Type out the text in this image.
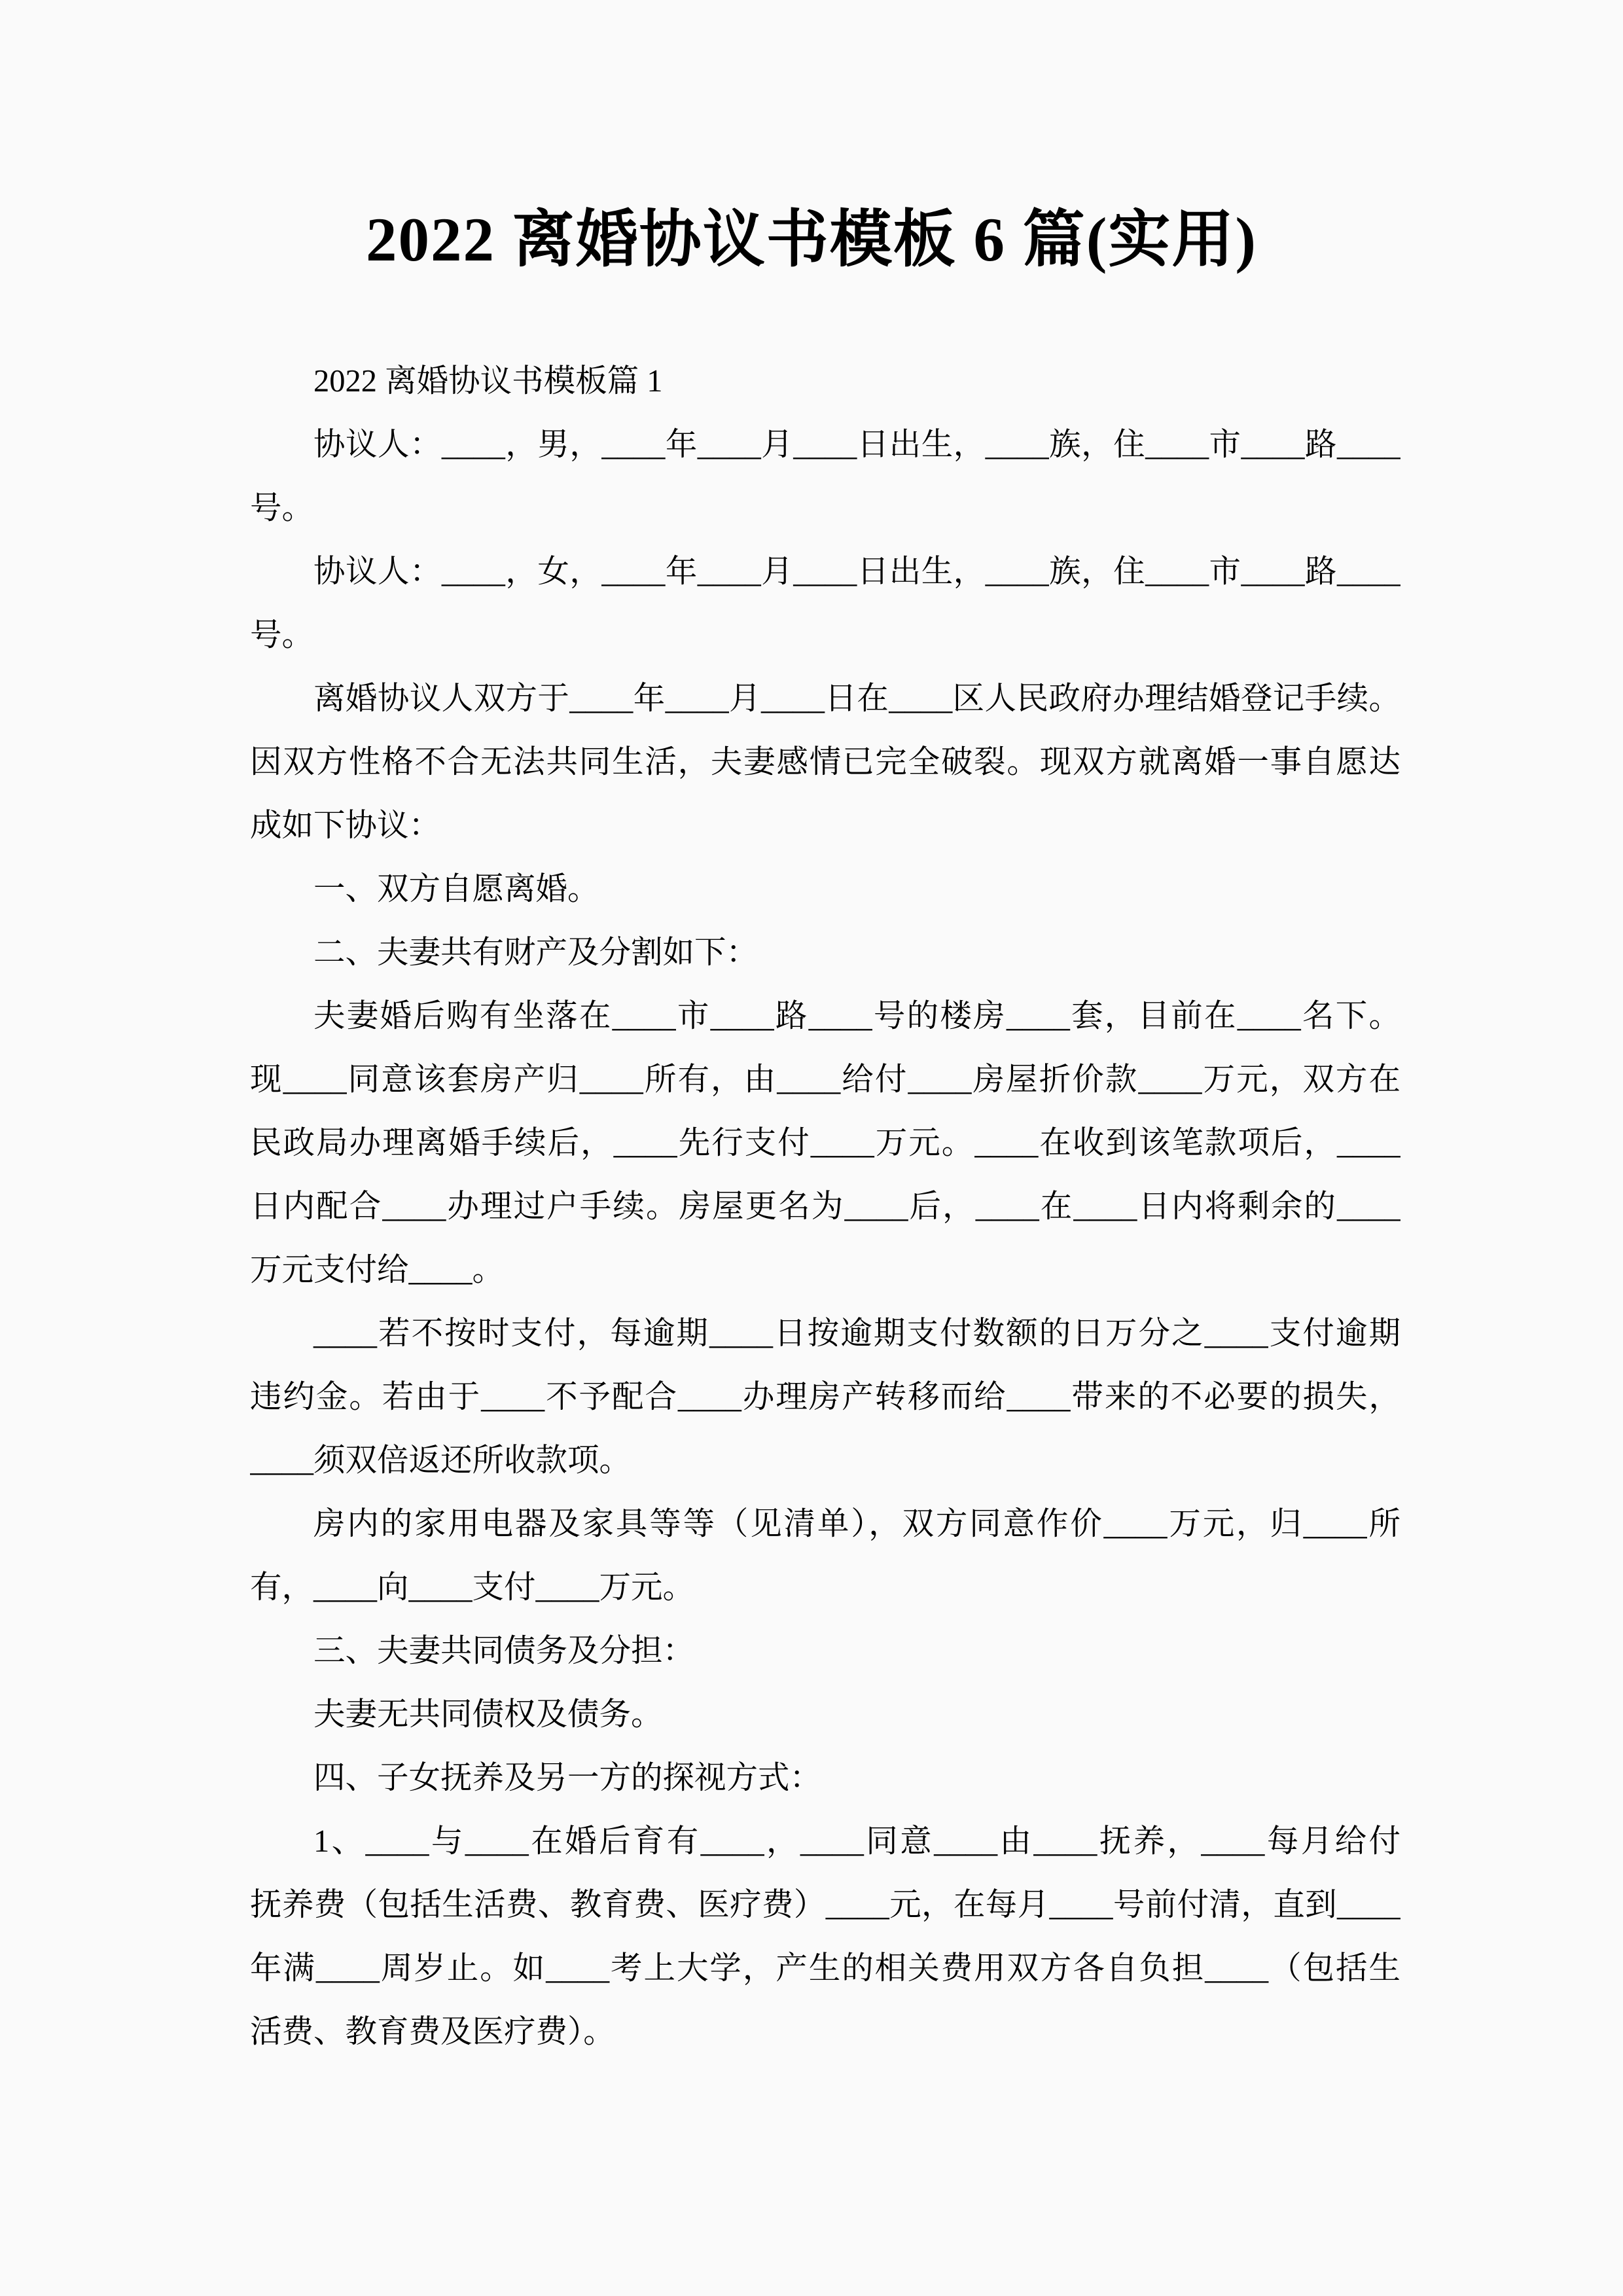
2022 离婚协议书模板 6 篇(实用)
2022 离婚协议书模板篇 1
协议人：____，男，____年____月____日出生，____族，住____市____路____
号。
协议人：____，女，____年____月____日出生，____族，住____市____路____
号。
离婚协议人双方于____年____月____日在____区人民政府办理结婚登记手续。
因双方性格不合无法共同生活，夫妻感情已完全破裂。现双方就离婚一事自愿达
成如下协议：
一、双方自愿离婚。
二、夫妻共有财产及分割如下：
夫妻婚后购有坐落在____市____路____号的楼房____套，目前在____名下。
现____同意该套房产归____所有，由____给付____房屋折价款____万元，双方在
民政局办理离婚手续后，____先行支付____万元。____在收到该笔款项后，____
日内配合____办理过户手续。房屋更名为____后，____在____日内将剩余的____
万元支付给____。
____若不按时支付，每逾期____日按逾期支付数额的日万分之____支付逾期
违约金。若由于____不予配合____办理房产转移而给____带来的不必要的损失，
____须双倍返还所收款项。
房内的家用电器及家具等等（见清单），双方同意作价____万元，归____所
有，____向____支付____万元。
三、夫妻共同债务及分担：
夫妻无共同债权及债务。
四、子女抚养及另一方的探视方式：
1、____与____在婚后育有____，____同意____由____抚养，____每月给付
抚养费（包括生活费、教育费、医疗费）____元，在每月____号前付清，直到____
年满____周岁止。如____考上大学，产生的相关费用双方各自负担____（包括生
活费、教育费及医疗费）。
